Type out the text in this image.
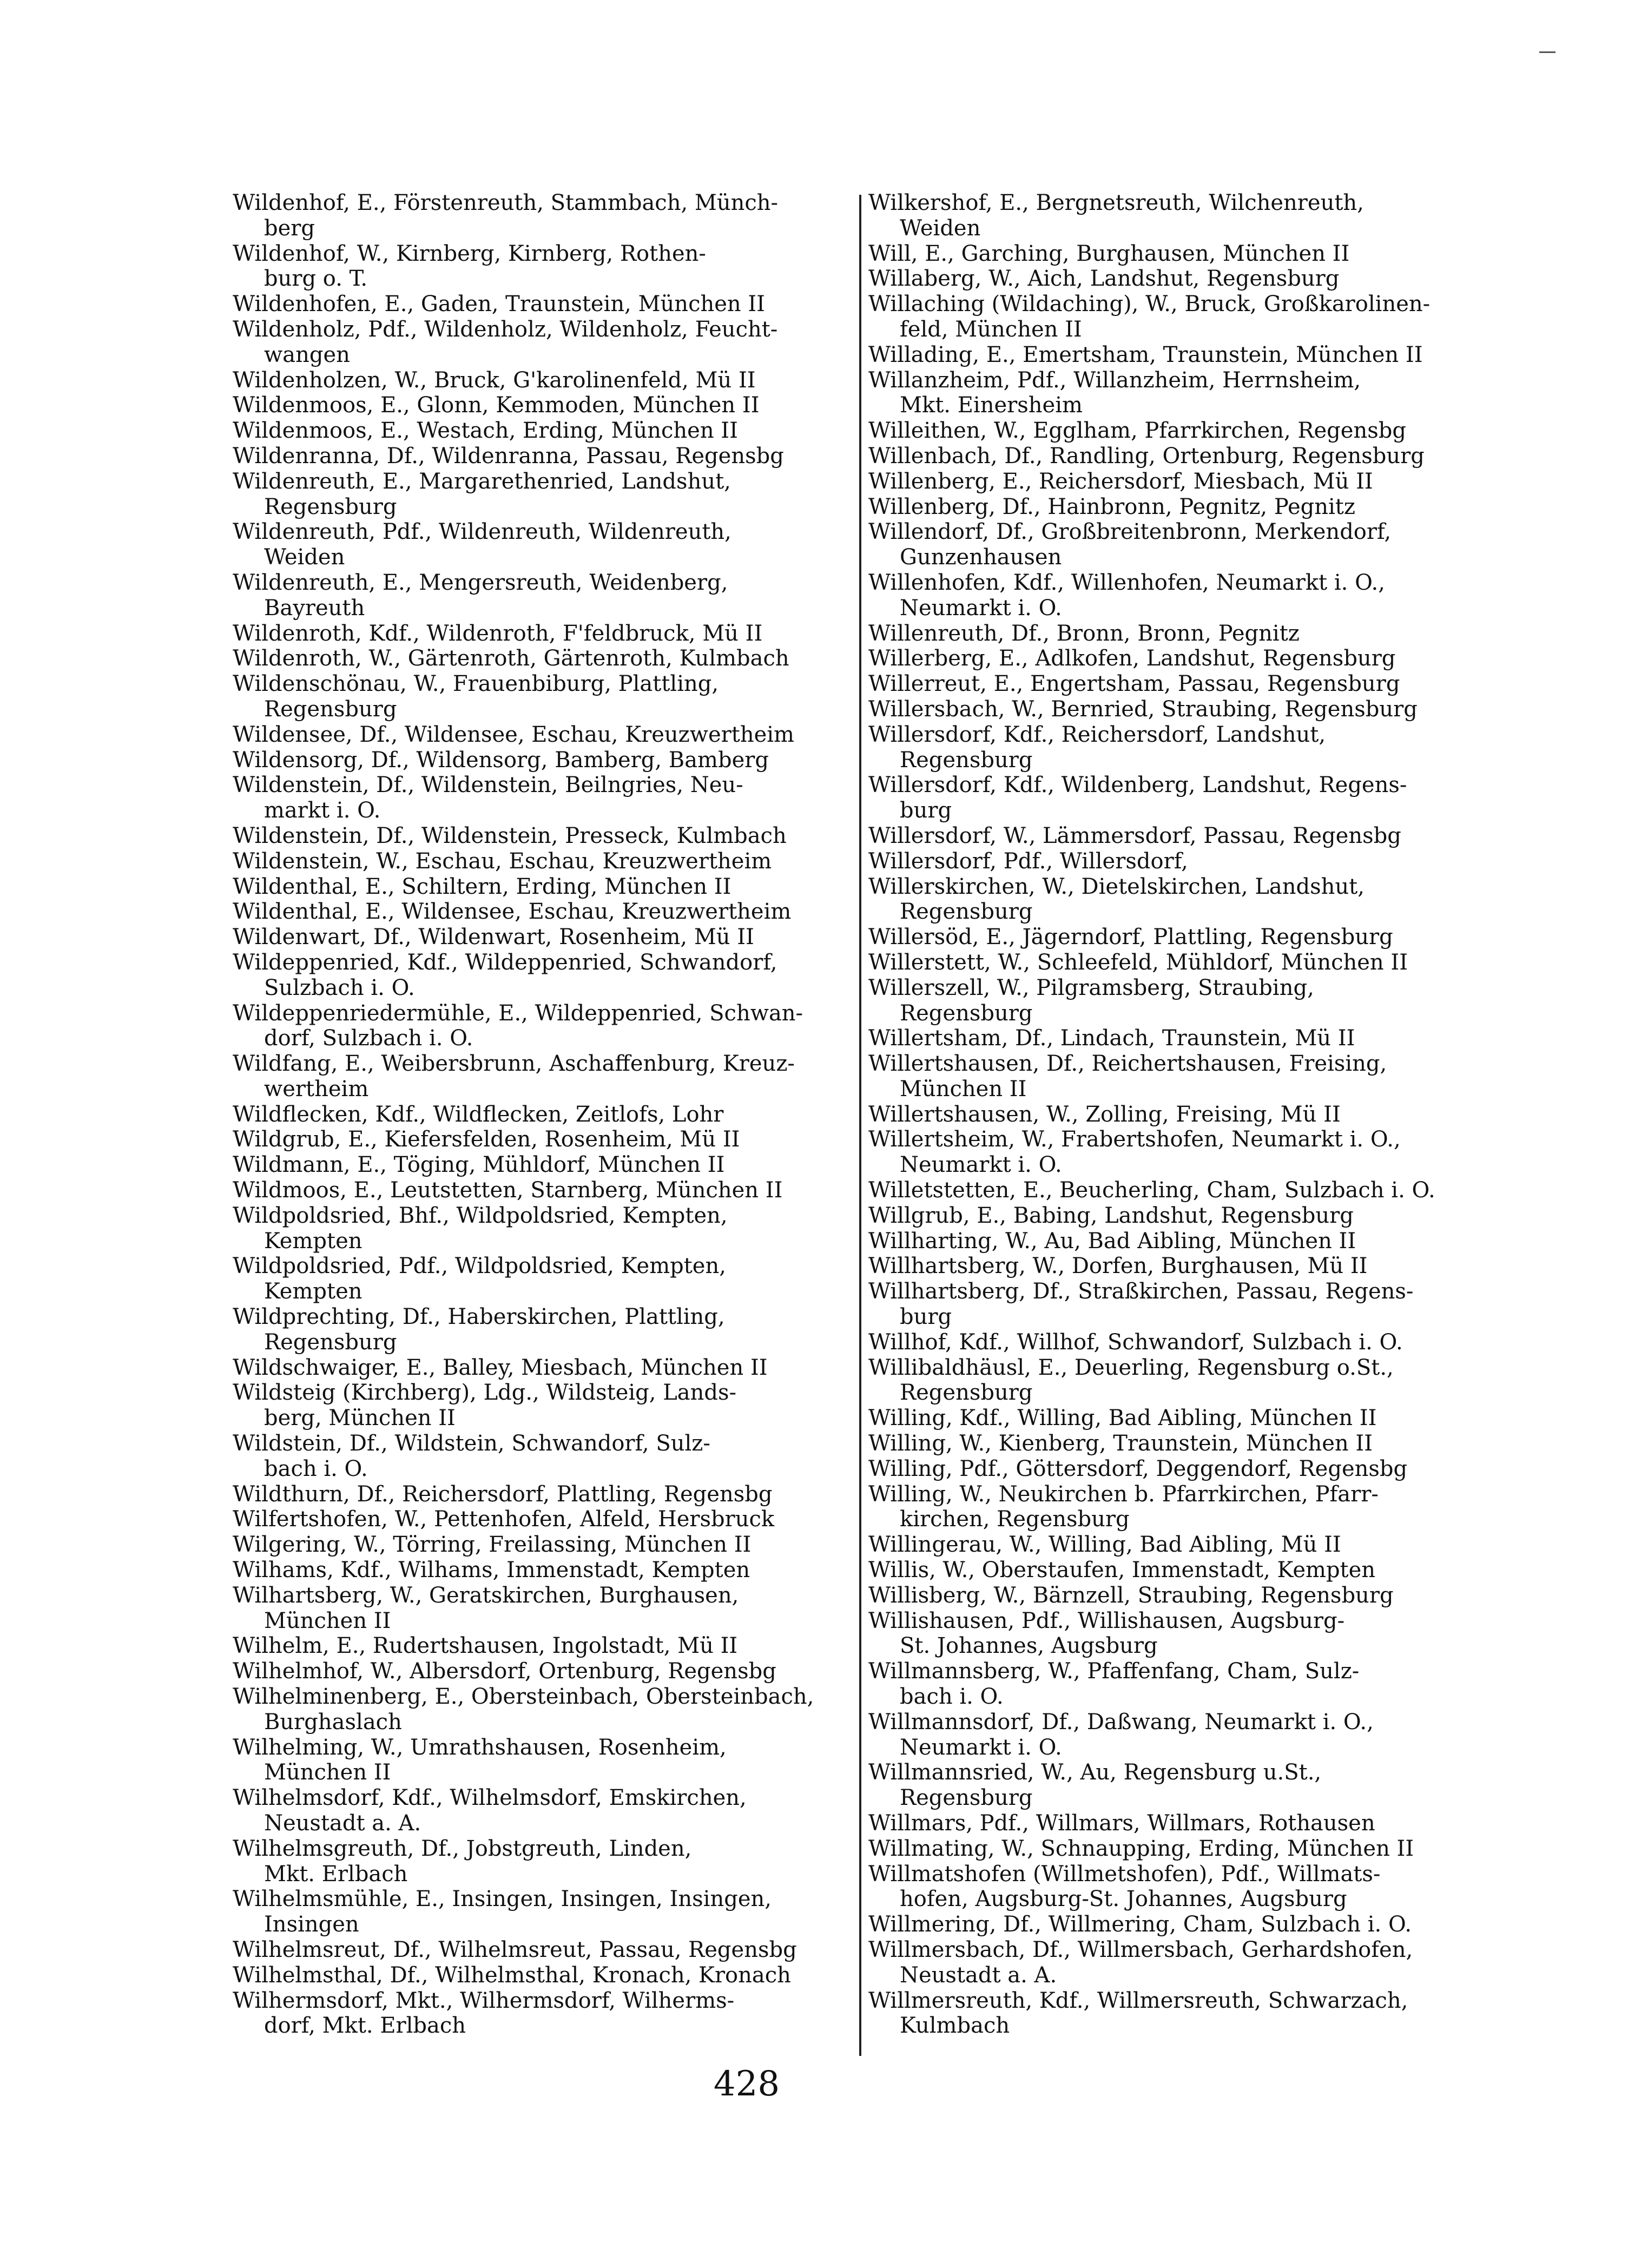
Wildenhof, E., Förstenreuth, Stammbach, Münch-
berg
Wildenhof, W., Kirnberg, Kirnberg, Rothen-
burg o. T.
Wildenhofen, E., Gaden, Traunstein, München II
Wildenholz, Pdf., Wildenholz, Wildenholz, Feucht-
wangen
Wildenholzen, W., Bruck, G'karolinenfeld, Mü II
Wildenmoos, E., Glonn, Kemmoden, München II
Wildenmoos, E., Westach, Erding, München II
Wildenranna, Df., Wildenranna, Passau, Regensbg
Wildenreuth, E., Margarethenried, Landshut,
Regensburg
Wildenreuth, Pdf., Wildenreuth, Wildenreuth,
Weiden
Wildenreuth, E., Mengersreuth, Weidenberg,
Bayreuth
Wildenroth, Kdf., Wildenroth, F'feldbruck, Mü II
Wildenroth, W., Gärtenroth, Gärtenroth, Kulmbach
Wildenschönau, W., Frauenbiburg, Plattling,
Regensburg
Wildensee, Df., Wildensee, Eschau, Kreuzwertheim
Wildensorg, Df., Wildensorg, Bamberg, Bamberg
Wildenstein, Df., Wildenstein, Beilngries, Neu-
markt i. O.
Wildenstein, Df., Wildenstein, Presseck, Kulmbach
Wildenstein, W., Eschau, Eschau, Kreuzwertheim
Wildenthal, E., Schiltern, Erding, München II
Wildenthal, E., Wildensee, Eschau, Kreuzwertheim
Wildenwart, Df., Wildenwart, Rosenheim, Mü II
Wildeppenried, Kdf., Wildeppenried, Schwandorf,
Sulzbach i. O.
Wildeppenriedermühle, E., Wildeppenried, Schwan-
dorf, Sulzbach i. O.
Wildfang, E., Weibersbrunn, Aschaffenburg, Kreuz-
wertheim
Wildflecken, Kdf., Wildflecken, Zeitlofs, Lohr
Wildgrub, E., Kiefersfelden, Rosenheim, Mü II
Wildmann, E., Töging, Mühldorf, München II
Wildmoos, E., Leutstetten, Starnberg, München II
Wildpoldsried, Bhf., Wildpoldsried, Kempten,
Kempten
Wildpoldsried, Pdf., Wildpoldsried, Kempten,
Kempten
Wildprechting, Df., Haberskirchen, Plattling,
Regensburg
Wildschwaiger, E., Balley, Miesbach, München II
Wildsteig (Kirchberg), Ldg., Wildsteig, Lands-
berg, München II
Wildstein, Df., Wildstein, Schwandorf, Sulz-
bach i. O.
Wildthurn, Df., Reichersdorf, Plattling, Regensbg
Wilfertshofen, W., Pettenhofen, Alfeld, Hersbruck
Wilgering, W., Törring, Freilassing, München II
Wilhams, Kdf., Wilhams, Immenstadt, Kempten
Wilhartsberg, W., Geratskirchen, Burghausen,
München II
Wilhelm, E., Rudertshausen, Ingolstadt, Mü II
Wilhelmhof, W., Albersdorf, Ortenburg, Regensbg
Wilhelminenberg, E., Obersteinbach, Obersteinbach,
Burghaslach
Wilhelming, W., Umrathshausen, Rosenheim,
München II
Wilhelmsdorf, Kdf., Wilhelmsdorf, Emskirchen,
Neustadt a. A.
Wilhelmsgreuth, Df., Jobstgreuth, Linden,
Mkt. Erlbach
Wilhelmsmühle, E., Insingen, Insingen, Insingen,
Insingen
Wilhelmsreut, Df., Wilhelmsreut, Passau, Regensbg
Wilhelmsthal, Df., Wilhelmsthal, Kronach, Kronach
Wilhermsdorf, Mkt., Wilhermsdorf, Wilherms-
dorf, Mkt. Erlbach
Wilkershof, E., Bergnetsreuth, Wilchenreuth,
Weiden
Will, E., Garching, Burghausen, München II
Willaberg, W., Aich, Landshut, Regensburg
Willaching (Wildaching), W., Bruck, Großkarolinen-
feld, München II
Willading, E., Emertsham, Traunstein, München II
Willanzheim, Pdf., Willanzheim, Herrnsheim,
Mkt. Einersheim
Willeithen, W., Egglham, Pfarrkirchen, Regensbg
Willenbach, Df., Randling, Ortenburg, Regensburg
Willenberg, E., Reichersdorf, Miesbach, Mü II
Willenberg, Df., Hainbronn, Pegnitz, Pegnitz
Willendorf, Df., Großbreitenbronn, Merkendorf,
Gunzenhausen
Willenhofen, Kdf., Willenhofen, Neumarkt i. O.,
Neumarkt i. O.
Willenreuth, Df., Bronn, Bronn, Pegnitz
Willerberg, E., Adlkofen, Landshut, Regensburg
Willerreut, E., Engertsham, Passau, Regensburg
Willersbach, W., Bernried, Straubing, Regensburg
Willersdorf, Kdf., Reichersdorf, Landshut,
Regensburg
Willersdorf, Kdf., Wildenberg, Landshut, Regens-
burg
Willersdorf, W., Lämmersdorf, Passau, Regensbg
Willersdorf, Pdf., Willersdorf,
Willerskirchen, W., Dietelskirchen, Landshut,
Regensburg
Willersöd, E., Jägerndorf, Plattling, Regensburg
Willerstett, W., Schleefeld, Mühldorf, München II
Willerszell, W., Pilgramsberg, Straubing,
Regensburg
Willertsham, Df., Lindach, Traunstein, Mü II
Willertshausen, Df., Reichertshausen, Freising,
München II
Willertshausen, W., Zolling, Freising, Mü II
Willertsheim, W., Frabertshofen, Neumarkt i. O.,
Neumarkt i. O.
Willetstetten, E., Beucherling, Cham, Sulzbach i. O.
Willgrub, E., Babing, Landshut, Regensburg
Willharting, W., Au, Bad Aibling, München II
Willhartsberg, W., Dorfen, Burghausen, Mü II
Willhartsberg, Df., Straßkirchen, Passau, Regens-
burg
Willhof, Kdf., Willhof, Schwandorf, Sulzbach i. O.
Willibaldhäusl, E., Deuerling, Regensburg o.St.,
Regensburg
Willing, Kdf., Willing, Bad Aibling, München II
Willing, W., Kienberg, Traunstein, München II
Willing, Pdf., Göttersdorf, Deggendorf, Regensbg
Willing, W., Neukirchen b. Pfarrkirchen, Pfarr-
kirchen, Regensburg
Willingerau, W., Willing, Bad Aibling, Mü II
Willis, W., Oberstaufen, Immenstadt, Kempten
Willisberg, W., Bärnzell, Straubing, Regensburg
Willishausen, Pdf., Willishausen, Augsburg-
St. Johannes, Augsburg
Willmannsberg, W., Pfaffenfang, Cham, Sulz-
bach i. O.
Willmannsdorf, Df., Daßwang, Neumarkt i. O.,
Neumarkt i. O.
Willmannsried, W., Au, Regensburg u.St.,
Regensburg
Willmars, Pdf., Willmars, Willmars, Rothausen
Willmating, W., Schnaupping, Erding, München II
Willmatshofen (Willmetshofen), Pdf., Willmats-
hofen, Augsburg-St. Johannes, Augsburg
Willmering, Df., Willmering, Cham, Sulzbach i. O.
Willmersbach, Df., Willmersbach, Gerhardshofen,
Neustadt a. A.
Willmersreuth, Kdf., Willmersreuth, Schwarzach,
Kulmbach
428
